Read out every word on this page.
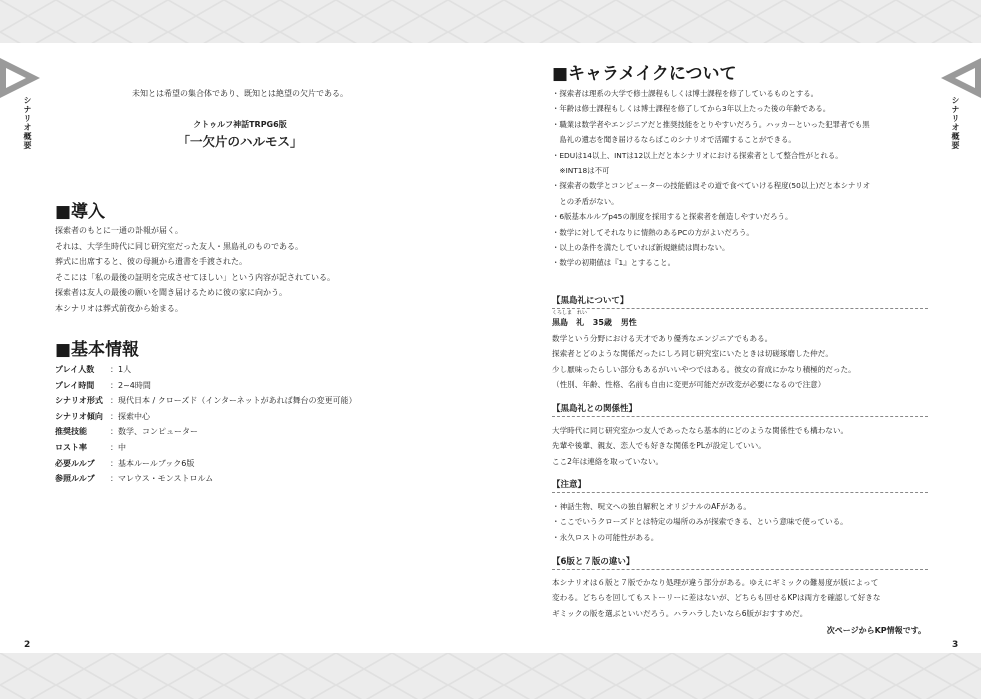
シナリオ概要	シナリオ概要
2	3
未知とは希望の集合体であり、既知とは絶望の欠片である。
クトゥルフ神話TRPG6版
「一欠片のハルモス」
■導入
探索者のもとに一通の訃報が届く。
それは、大学生時代に同じ研究室だった友人・黒島礼のものである。
葬式に出席すると、彼の母親から遺書を手渡された。
そこには「私の最後の証明を完成させてほしい」という内容が記されている。
探索者は友人の最後の願いを聞き届けるために彼の家に向かう。
本シナリオは葬式前夜から始まる。
■基本情報
プレイ人数	：1人
プレイ時間	：2~4時間
シナリオ形式 ：現代日本 / クローズド（インターネットがあれば舞台の変更可能）
シナリオ傾向 ：探索中心
推奨技能	：数学、コンピューター
ロスト率	：中
必要ルルブ	：基本ルールブック6版
参照ルルブ	：マレウス・モンストロルム
■キャラメイクについて
・探索者は理系の大学で修士課程もしくは博士課程を修了しているものとする。
・年齢は修士課程もしくは博士課程を修了してから3年以上たった後の年齢である。
・職業は数学者やエンジニアだと推奨技能をとりやすいだろう。ハッカーといった犯罪者でも黒
　島礼の遺志を聞き届けるならばこのシナリオで活躍することができる。
・EDUは14以上、INTは12以上だと本シナリオにおける探索者として整合性がとれる。
　※INT18は不可
・探索者の数学とコンピューターの技能値はその道で食べていける程度(50以上)だと本シナリオ
　との矛盾がない。
・6版基本ルルブp45の制度を採用すると探索者を創造しやすいだろう。
・数学に対してそれなりに情熱のあるPCの方がよいだろう。
・以上の条件を満たしていれば新規継続は問わない。
・数学の初期値は『1』とすること。
【黒島礼について】
くろしま　れい
黒島　礼 35歳 男性
数学という分野における天才であり優秀なエンジニアでもある。
探索者とどのような関係だったにしろ同じ研究室にいたときは切磋琢磨した仲だ。
少し厭味ったらしい部分もあるがいいやつではある。彼女の育成にかなり積極的だった。
（性別、年齢、性格、名前も自由に変更が可能だが改変が必要になるので注意）
【黒島礼との関係性】
大学時代に同じ研究室かつ友人であったなら基本的にどのような関係性でも構わない。
先輩や後輩、親友、恋人でも好きな関係をPLが設定していい。
ここ2年は連絡を取っていない。
【注意】
・神話生物、呪文への独自解釈とオリジナルのAFがある。
・ここでいうクローズドとは特定の場所のみが探索できる、という意味で使っている。
・永久ロストの可能性がある。
【6版と７版の違い】
本シナリオは６版と７版でかなり処理が違う部分がある。ゆえにギミックの難易度が版によって
変わる。どちらを回してもストーリーに差はないが、どちらも回せるKPは両方を確認して好きな
ギミックの版を選ぶといいだろう。ハラハラしたいなら6版がおすすめだ。
次ページからKP情報です。
